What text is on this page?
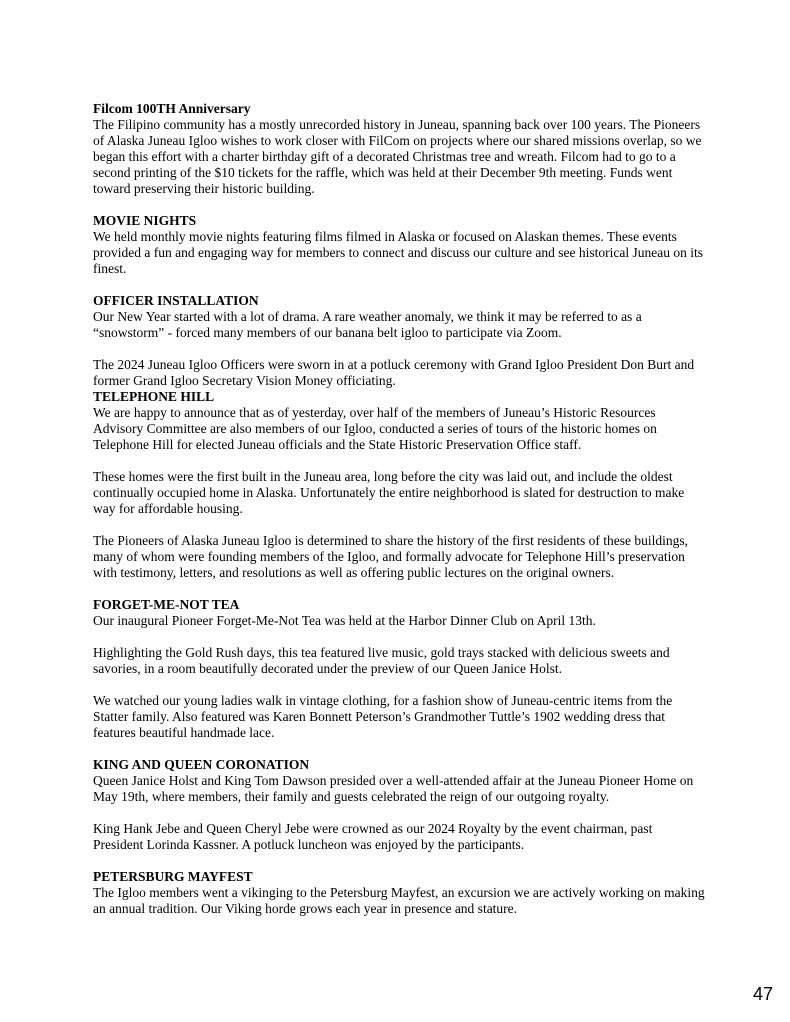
Filcom 100TH Anniversary

The Filipino community has a mostly unrecorded history in Juneau, spanning back over 100 years. The Pioneers of Alaska Juneau Igloo wishes to work closer with FilCom on projects where our shared missions overlap, so we began this effort with a charter birthday gift of a decorated Christmas tree and wreath. Filcom had to go to a second printing of the $10 tickets for the raffle, which was held at their December 9th meeting. Funds went toward preserving their historic building.

MOVIE NIGHTS

We held monthly movie nights featuring films filmed in Alaska or focused on Alaskan themes. These events provided a fun and engaging way for members to connect and discuss our culture and see historical Juneau on its finest.

OFFICER INSTALLATION

Our New Year started with a lot of drama. A rare weather anomaly, we think it may be referred to as a “snowstorm” - forced many members of our banana belt igloo to participate via Zoom.

The 2024 Juneau Igloo Officers were sworn in at a potluck ceremony with Grand Igloo President Don Burt and former Grand Igloo Secretary Vision Money officiating.

TELEPHONE HILL

We are happy to announce that as of yesterday, over half of the members of Juneau’s Historic Resources Advisory Committee are also members of our Igloo, conducted a series of tours of the historic homes on Telephone Hill for elected Juneau officials and the State Historic Preservation Office staff.

These homes were the first built in the Juneau area, long before the city was laid out, and include the oldest continually occupied home in Alaska. Unfortunately the entire neighborhood is slated for destruction to make way for affordable housing.

The Pioneers of Alaska Juneau Igloo is determined to share the history of the first residents of these buildings, many of whom were founding members of the Igloo, and formally advocate for Telephone Hill’s preservation with testimony, letters, and resolutions as well as offering public lectures on the original owners.

FORGET-ME-NOT TEA

Our inaugural Pioneer Forget-Me-Not Tea was held at the Harbor Dinner Club on April 13th.

Highlighting the Gold Rush days, this tea featured live music, gold trays stacked with delicious sweets and savories, in a room beautifully decorated under the preview of our Queen Janice Holst.

We watched our young ladies walk in vintage clothing, for a fashion show of Juneau-centric items from the Statter family. Also featured was Karen Bonnett Peterson’s Grandmother Tuttle’s 1902 wedding dress that features beautiful handmade lace.

KING AND QUEEN CORONATION

Queen Janice Holst and King Tom Dawson presided over a well-attended affair at the Juneau Pioneer Home on May 19th, where members, their family and guests celebrated the reign of our outgoing royalty.

King Hank Jebe and Queen Cheryl Jebe were crowned as our 2024 Royalty by the event chairman, past President Lorinda Kassner. A potluck luncheon was enjoyed by the participants.

PETERSBURG MAYFEST

The Igloo members went a vikinging to the Petersburg Mayfest, an excursion we are actively working on making an annual tradition. Our Viking horde grows each year in presence and stature.

47
